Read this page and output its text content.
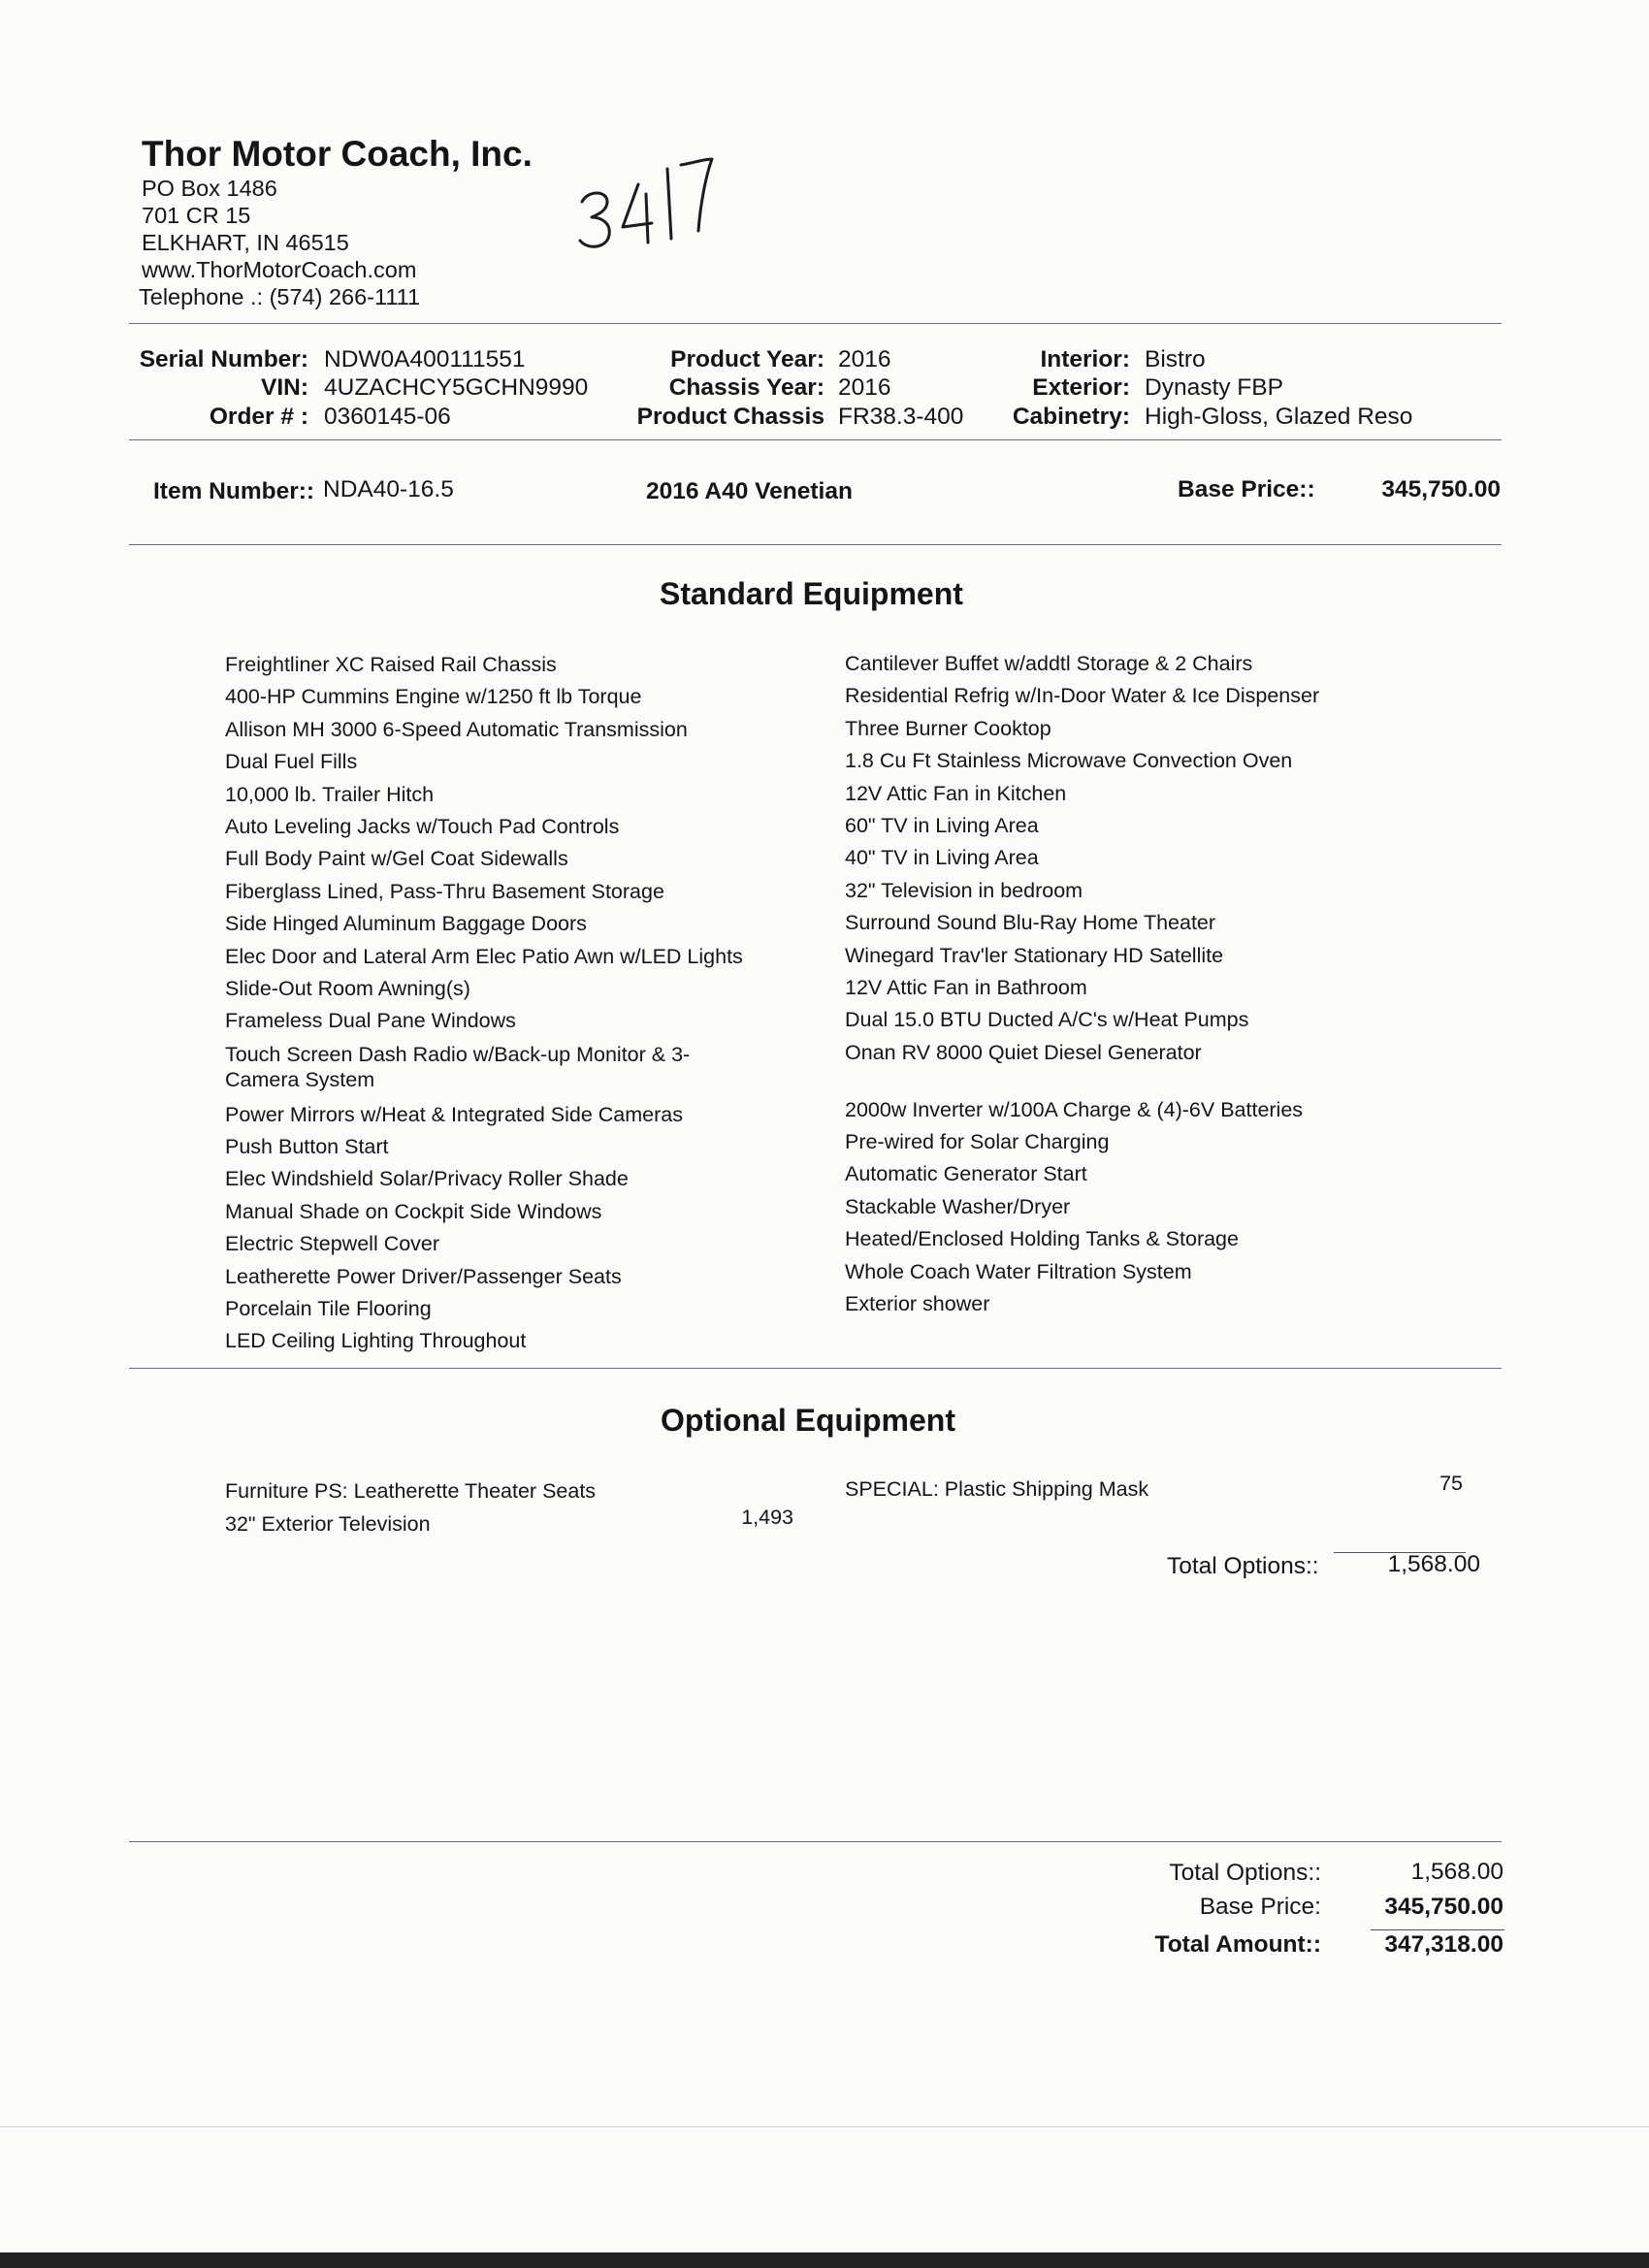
Thor Motor Coach, Inc.
PO Box 1486
701 CR 15
ELKHART, IN 46515
www.ThorMotorCoach.com
Telephone .: (574) 266-1111
Serial Number: NDW0A400111551
VIN: 4UZACHCY5GCHN9990
Order # : 0360145-06
Product Year: 2016
Chassis Year: 2016
Product Chassis FR38.3-400
Interior: Bistro
Exterior: Dynasty FBP
Cabinetry: High-Gloss, Glazed Reso
Item Number:: NDA40-16.5	2016 A40 Venetian	Base Price::	345,750.00
Standard Equipment
Freightliner XC Raised Rail Chassis
400-HP Cummins Engine w/1250 ft lb Torque
Allison MH 3000 6-Speed Automatic Transmission
Dual Fuel Fills
10,000 lb. Trailer Hitch
Auto Leveling Jacks w/Touch Pad Controls
Full Body Paint w/Gel Coat Sidewalls
Fiberglass Lined, Pass-Thru Basement Storage
Side Hinged Aluminum Baggage Doors
Elec Door and Lateral Arm Elec Patio Awn w/LED Lights
Slide-Out Room Awning(s)
Frameless Dual Pane Windows
Touch Screen Dash Radio w/Back-up Monitor & 3-
Camera System
Power Mirrors w/Heat & Integrated Side Cameras
Push Button Start
Elec Windshield Solar/Privacy Roller Shade
Manual Shade on Cockpit Side Windows
Electric Stepwell Cover
Leatherette Power Driver/Passenger Seats
Porcelain Tile Flooring
LED Ceiling Lighting Throughout
Cantilever Buffet w/addtl Storage & 2 Chairs
Residential Refrig w/In-Door Water & Ice Dispenser
Three Burner Cooktop
1.8 Cu Ft Stainless Microwave Convection Oven
12V Attic Fan in Kitchen
60" TV in Living Area
40" TV in Living Area
32" Television in bedroom
Surround Sound Blu-Ray Home Theater
Winegard Trav'ler Stationary HD Satellite
12V Attic Fan in Bathroom
Dual 15.0 BTU Ducted A/C's w/Heat Pumps
Onan RV 8000 Quiet Diesel Generator
2000w Inverter w/100A Charge & (4)-6V Batteries
Pre-wired for Solar Charging
Automatic Generator Start
Stackable Washer/Dryer
Heated/Enclosed Holding Tanks & Storage
Whole Coach Water Filtration System
Exterior shower
Optional Equipment
Furniture PS: Leatherette Theater Seats
32" Exterior Television	1,493
SPECIAL: Plastic Shipping Mask	75
Total Options::	1,568.00
Total Options::	1,568.00
Base Price:	345,750.00
Total Amount::	347,318.00
